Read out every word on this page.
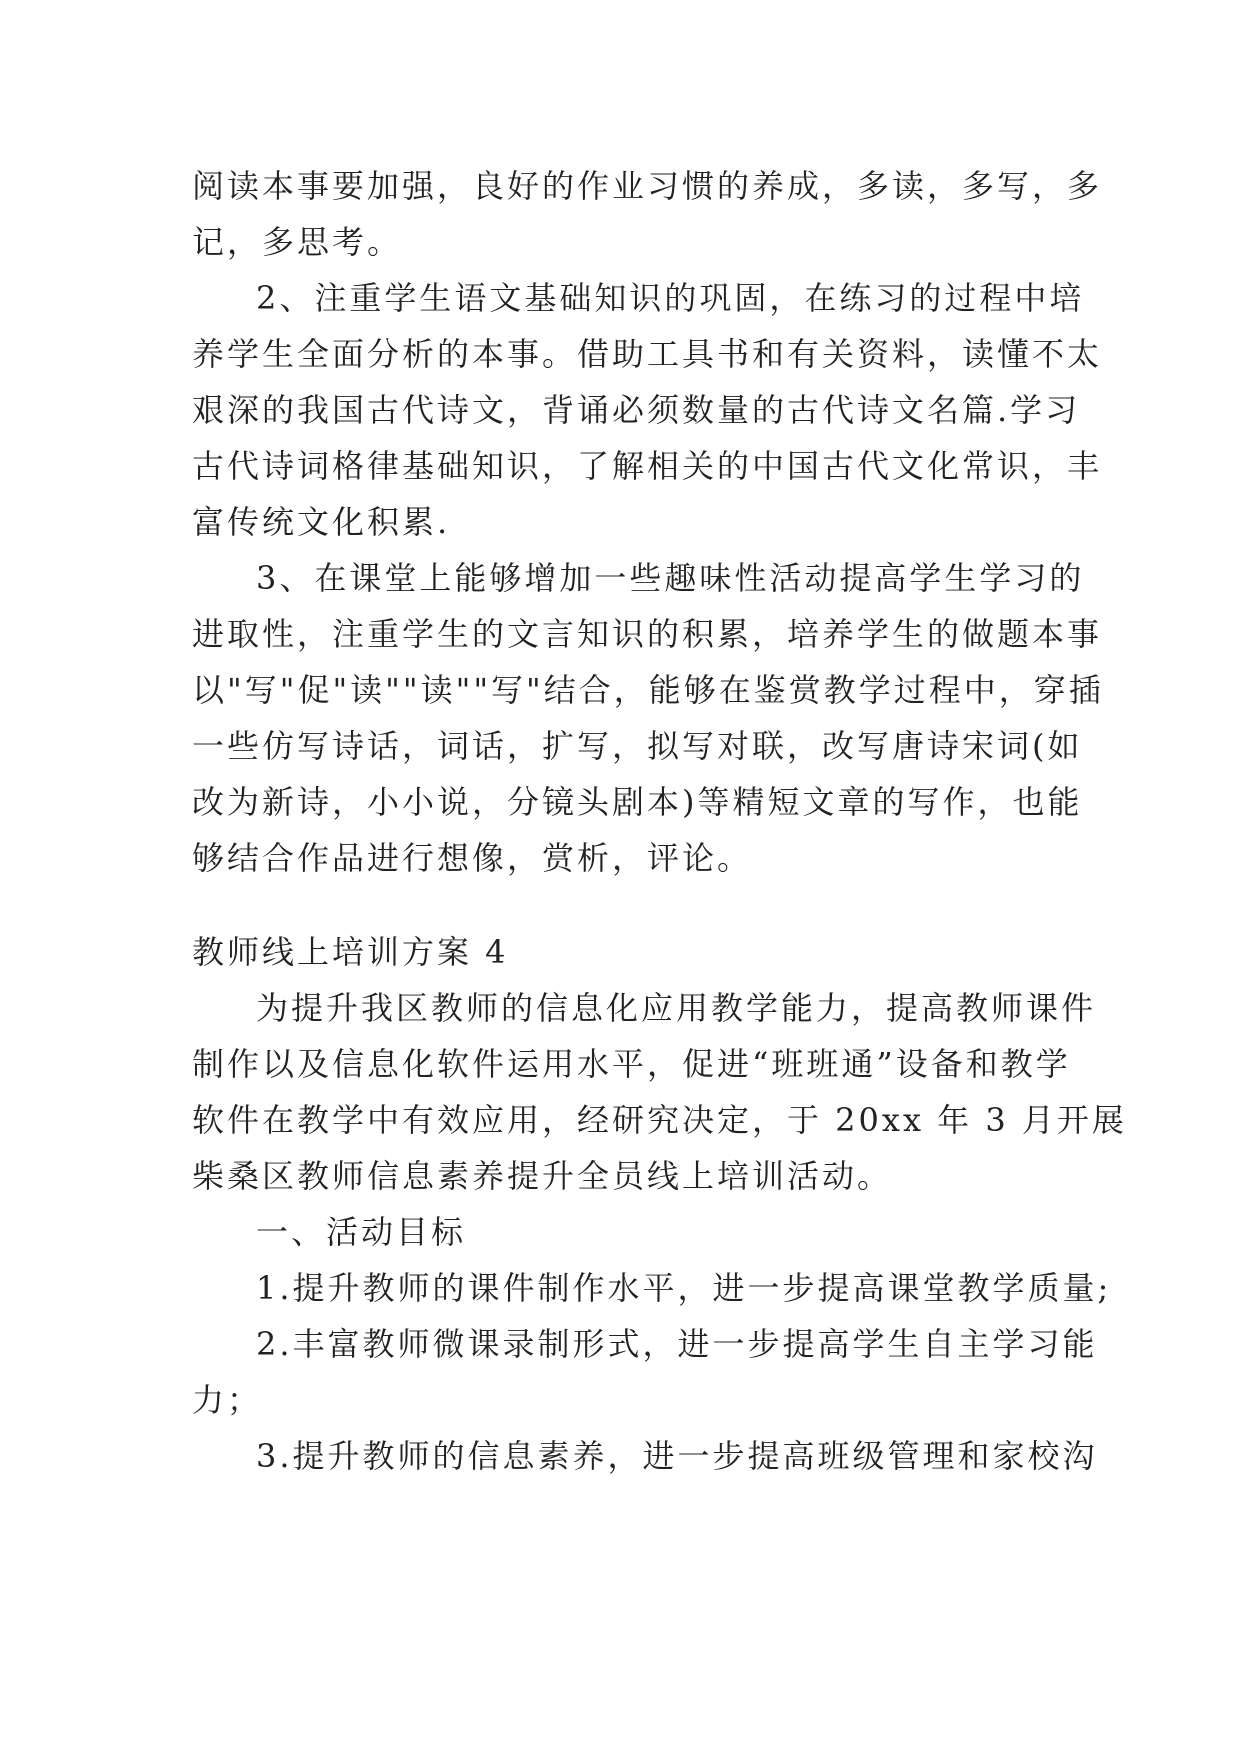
阅读本事要加强，良好的作业习惯的养成，多读，多写，多
记，多思考。

2、注重学生语文基础知识的巩固，在练习的过程中培
养学生全面分析的本事。借助工具书和有关资料，读懂不太
艰深的我国古代诗文，背诵必须数量的古代诗文名篇.学习
古代诗词格律基础知识，了解相关的中国古代文化常识，丰
富传统文化积累.

3、在课堂上能够增加一些趣味性活动提高学生学习的
进取性，注重学生的文言知识的积累，培养学生的做题本事
以"写"促"读""读""写"结合，能够在鉴赏教学过程中，穿插
一些仿写诗话，词话，扩写，拟写对联，改写唐诗宋词(如
改为新诗，小小说，分镜头剧本)等精短文章的写作，也能
够结合作品进行想像，赏析，评论。

教师线上培训方案 4

为提升我区教师的信息化应用教学能力，提高教师课件
制作以及信息化软件运用水平，促进“班班通”设备和教学
软件在教学中有效应用，经研究决定，于 20xx 年 3 月开展
柴桑区教师信息素养提升全员线上培训活动。

一、活动目标

1.提升教师的课件制作水平，进一步提高课堂教学质量;

2.丰富教师微课录制形式，进一步提高学生自主学习能
力；

3.提升教师的信息素养，进一步提高班级管理和家校沟
